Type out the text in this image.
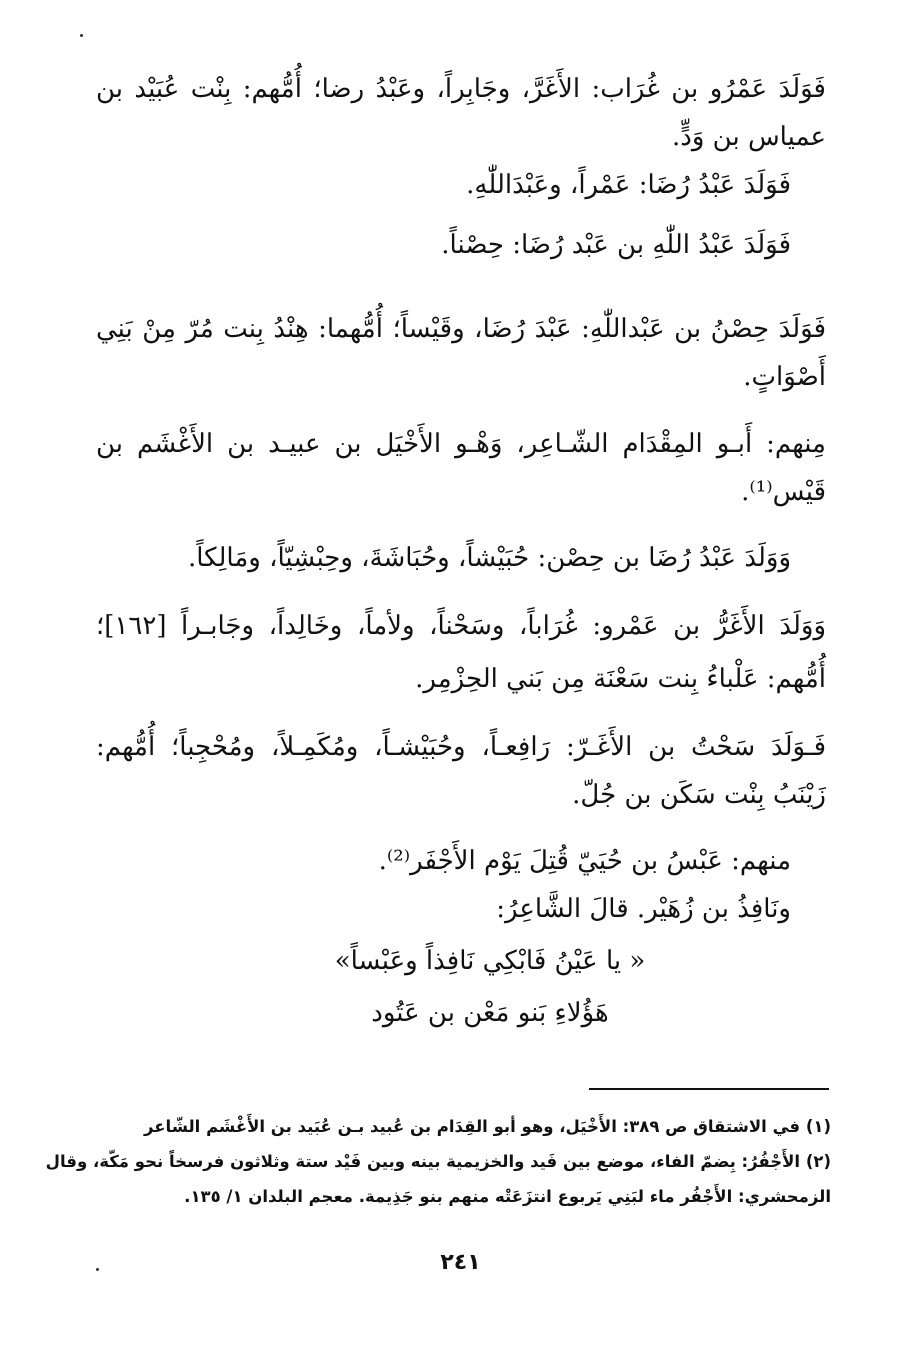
فَوَلَدَ عَمْرُو بن غُرَاب: الأَغَرَّ، وجَابِراً، وعَبْدُ رضا؛ أُمُّهم: بِنْت عُبَيْد بن
عمياس بن وَدٍّ.
فَوَلَدَ عَبْدُ رُضَا: عَمْراً، وعَبْدَاللّٰهِ.
فَوَلَدَ عَبْدُ اللّٰهِ بن عَبْد رُضَا: حِصْناً.
فَوَلَدَ حِصْنُ بن عَبْداللّٰهِ: عَبْدَ رُضَا، وقَيْساً؛ أُمُّهما: هِنْدُ بِنت مُرّ مِنْ بَنِي
أَصْوَاتٍ.
مِنهم: أَبـو المِقْدَام الشّـاعِر، وَهْـو الأَخْيَل بن عبيـد بن الأَغْشَم بن
قَيْس⁽¹⁾.
وَوَلَدَ عَبْدُ رُضَا بن حِصْن: حُبَيْشاً، وحُبَاشَةَ، وحِبْشِيّاً، ومَالِكاً.
وَوَلَدَ الأَغَرُّ بن عَمْرو: غُرَاباً، وسَحْناً، ولأماً، وخَالِداً، وجَابـراً [١٦٢]؛
أُمُّهم: عَلْباءُ بِنت سَعْنَة مِن بَني الحِزْمِر.
فَـوَلَدَ سَحْتُ بن الأَغَـرّ: رَافِعـاً، وحُبَيْشـاً، ومُكَمِـلاً، ومُحْجِباً؛ أُمُّهم:
زَيْنَبُ بِنْت سَكَن بن جُلّ.
منهم: عَبْسُ بن حُيَيّ قُتِلَ يَوْم الأَجْفَر⁽²⁾.
ونَافِذُ بن زُهَيْر. قالَ الشَّاعِرُ:
« يا عَيْنُ فَابْكِي نَافِذاً وعَبْساً»
هَؤُلاءِ بَنو مَعْن بن عَتُود
(١) في الاشتقاق ص ٣٨٩: الأَخْيَل، وهو أبو القِدَام بن عُبيد بـن عُبَيد بن الأَغْشَم الشّاعر
(٢) الأَجْفُرُ: بِضمّ الفاء، موضع بين فَيد والخزيمية بينه وبين فَيْد ستة وثلاثون فرسخاً نحو مَكّة، وقال
الزمحشري: الأَجْفُر ماء لبَنِي يَربوع انتزَعَتْه منهم بنو جَذِيمة. معجم البلدان ١/ ١٣٥.
٢٤١
